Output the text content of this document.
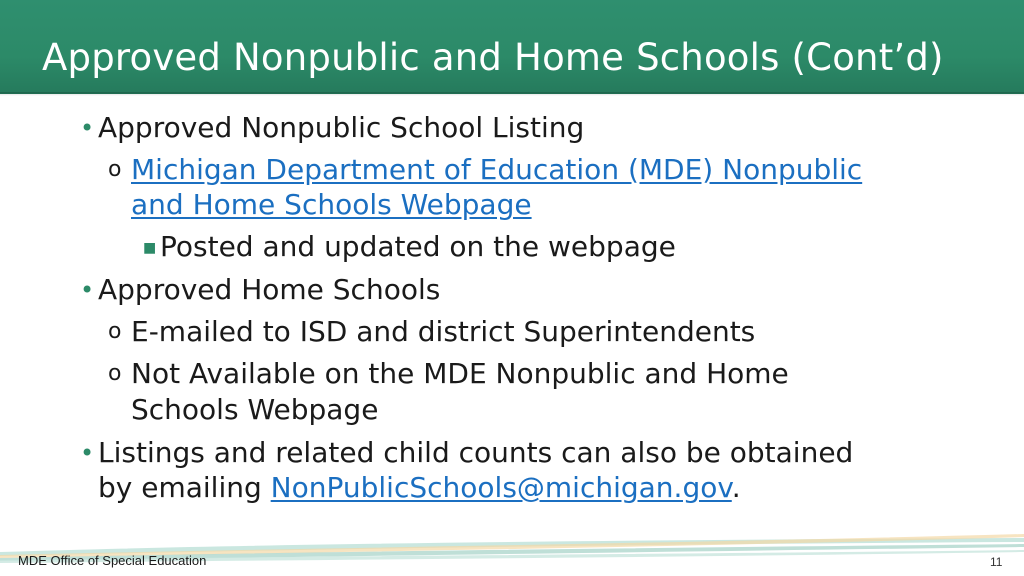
Approved Nonpublic and Home Schools (Cont’d)
• Approved Nonpublic School Listing
o Michigan Department of Education (MDE) Nonpublic
and Home Schools Webpage
■ Posted and updated on the webpage
• Approved Home Schools
o E-mailed to ISD and district Superintendents
o Not Available on the MDE Nonpublic and Home
Schools Webpage
• Listings and related child counts can also be obtained
by emailing NonPublicSchools@michigan.gov.
MDE Office of Special Education	11
